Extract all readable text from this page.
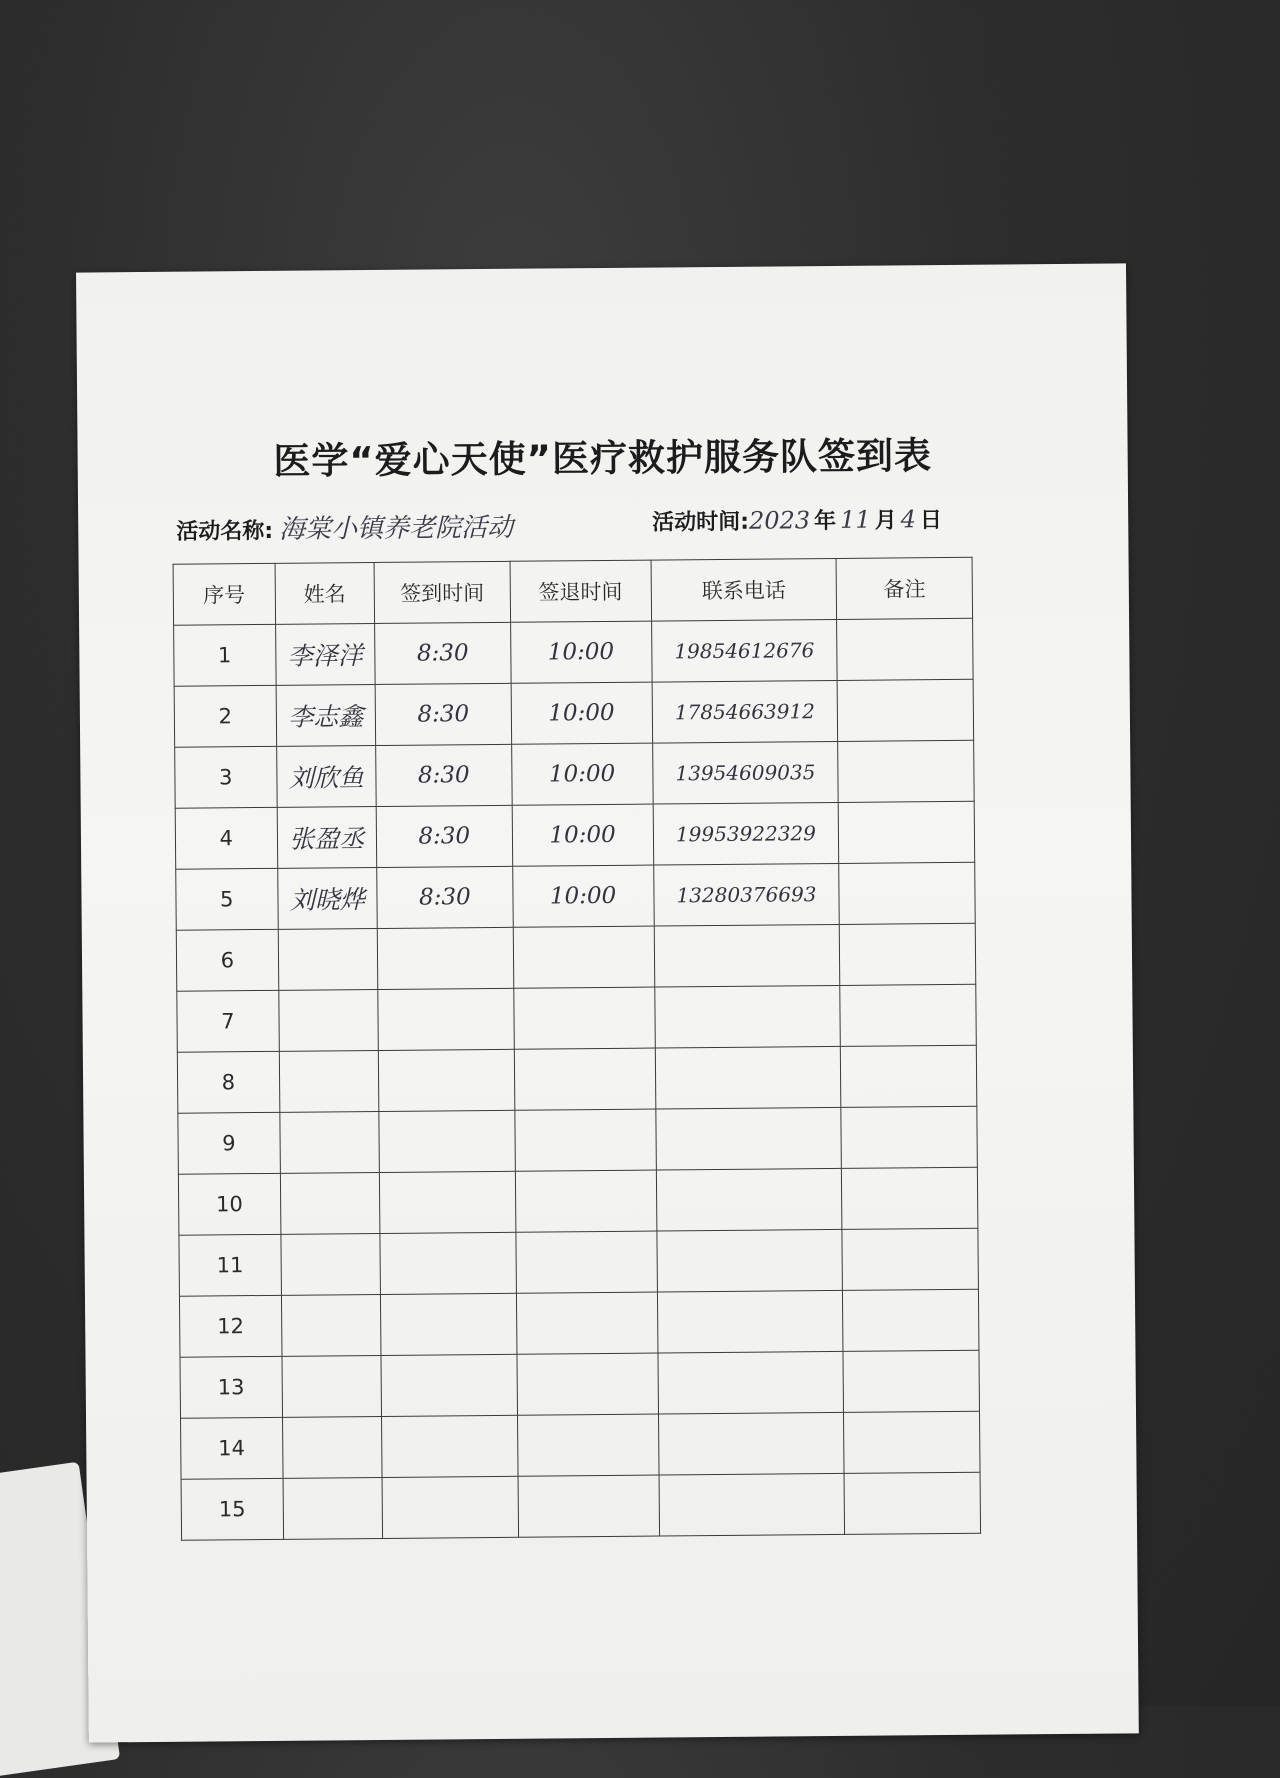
医学“爱心天使”医疗救护服务队签到表
活动名称: 海棠小镇养老院活动	活动时间:2023 年 11 月 4 日
序号	姓名	签到时间	签退时间	联系电话	备注
1	李泽洋	8:30	10:00	19854612676	
2	李志鑫	8:30	10:00	17854663912	
3	刘欣鱼	8:30	10:00	13954609035	
4	张盈丞	8:30	10:00	19953922329	
5	刘晓烨	8:30	10:00	13280376693	
6					
7					
8					
9					
10					
11					
12					
13					
14					
15					
